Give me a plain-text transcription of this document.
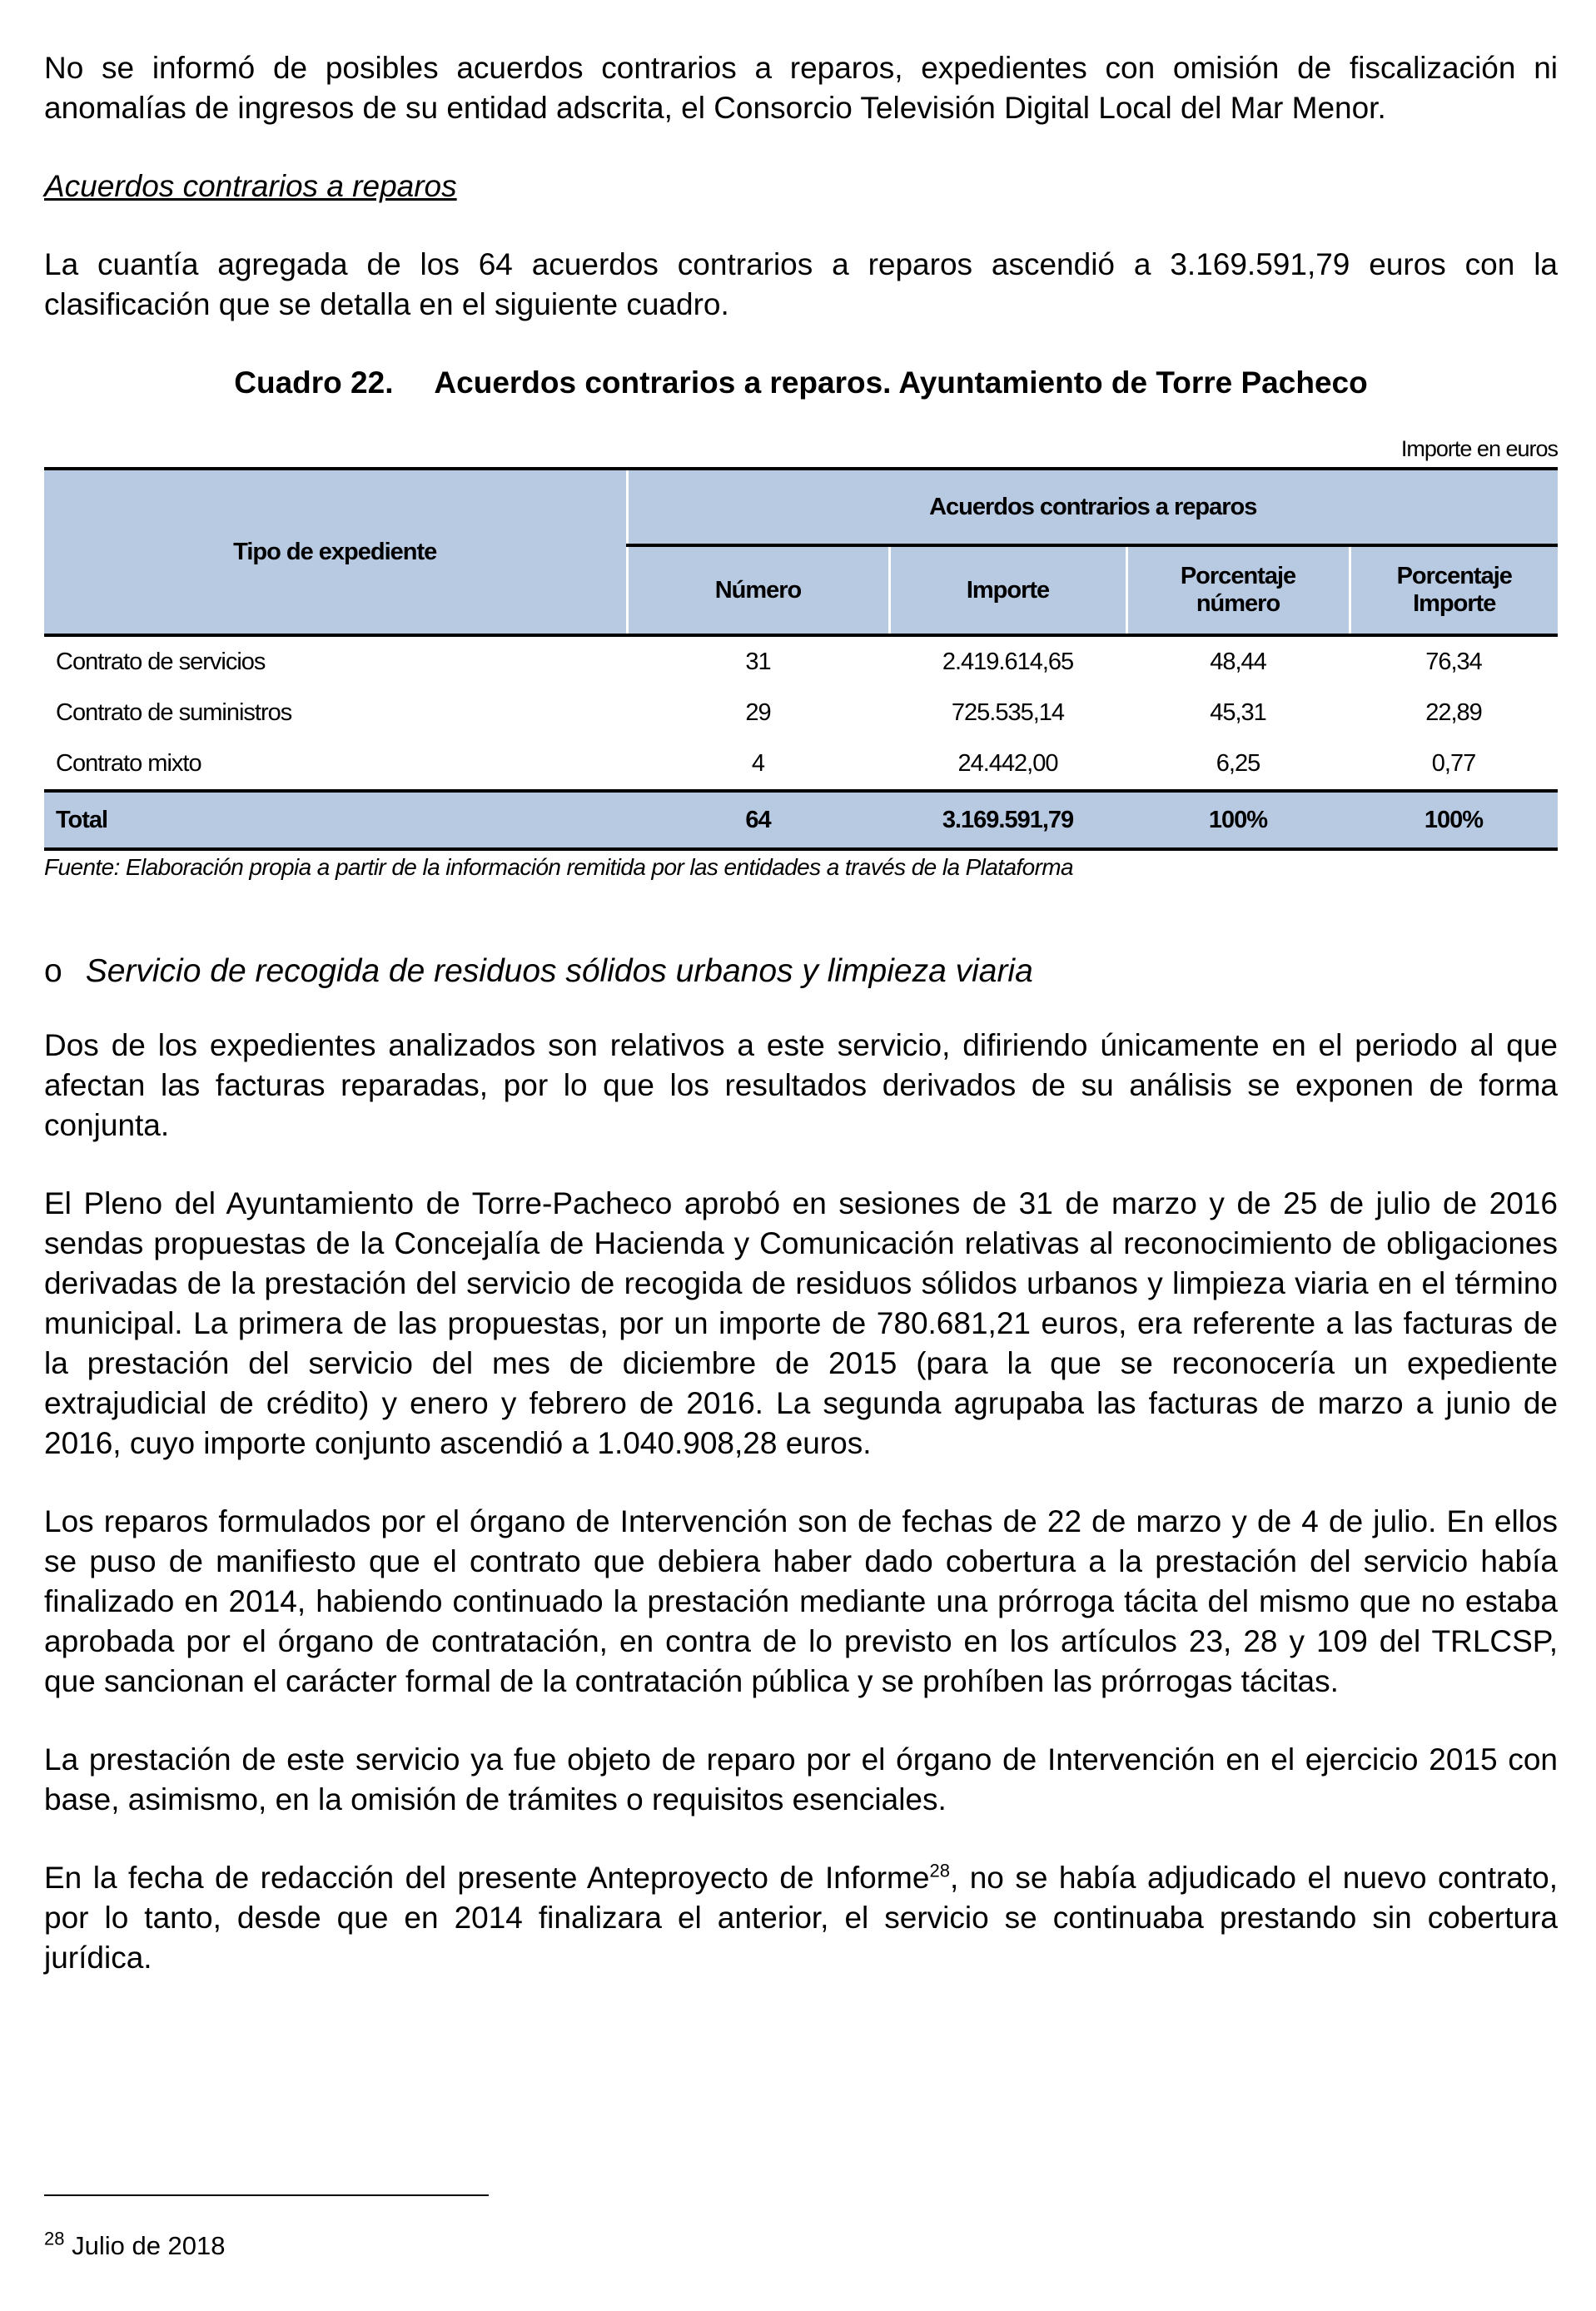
No se informó de posibles acuerdos contrarios a reparos, expedientes con omisión de fiscalización ni anomalías de ingresos de su entidad adscrita, el Consorcio Televisión Digital Local del Mar Menor.

Acuerdos contrarios a reparos

La cuantía agregada de los 64 acuerdos contrarios a reparos ascendió a 3.169.591,79 euros con la clasificación que se detalla en el siguiente cuadro.

Cuadro 22. Acuerdos contrarios a reparos. Ayuntamiento de Torre Pacheco
Importe en euros
Tipo de expediente	Acuerdos contrarios a reparos			
	Número	Importe	Porcentaje número	Porcentaje Importe
Contrato de servicios	31	2.419.614,65	48,44	76,34
Contrato de suministros	29	725.535,14	45,31	22,89
Contrato mixto	4	24.442,00	6,25	0,77
Total	64	3.169.591,79	100%	100%
Fuente: Elaboración propia a partir de la información remitida por las entidades a través de la Plataforma

o Servicio de recogida de residuos sólidos urbanos y limpieza viaria

Dos de los expedientes analizados son relativos a este servicio, difiriendo únicamente en el periodo al que afectan las facturas reparadas, por lo que los resultados derivados de su análisis se exponen de forma conjunta.

El Pleno del Ayuntamiento de Torre-Pacheco aprobó en sesiones de 31 de marzo y de 25 de julio de 2016 sendas propuestas de la Concejalía de Hacienda y Comunicación relativas al reconocimiento de obligaciones derivadas de la prestación del servicio de recogida de residuos sólidos urbanos y limpieza viaria en el término municipal. La primera de las propuestas, por un importe de 780.681,21 euros, era referente a las facturas de la prestación del servicio del mes de diciembre de 2015 (para la que se reconocería un expediente extrajudicial de crédito) y enero y febrero de 2016. La segunda agrupaba las facturas de marzo a junio de 2016, cuyo importe conjunto ascendió a 1.040.908,28 euros.

Los reparos formulados por el órgano de Intervención son de fechas de 22 de marzo y de 4 de julio. En ellos se puso de manifiesto que el contrato que debiera haber dado cobertura a la prestación del servicio había finalizado en 2014, habiendo continuado la prestación mediante una prórroga tácita del mismo que no estaba aprobada por el órgano de contratación, en contra de lo previsto en los artículos 23, 28 y 109 del TRLCSP, que sancionan el carácter formal de la contratación pública y se prohíben las prórrogas tácitas.

La prestación de este servicio ya fue objeto de reparo por el órgano de Intervención en el ejercicio 2015 con base, asimismo, en la omisión de trámites o requisitos esenciales.

En la fecha de redacción del presente Anteproyecto de Informe$^{28}$, no se había adjudicado el nuevo contrato, por lo tanto, desde que en 2014 finalizara el anterior, el servicio se continuaba prestando sin cobertura jurídica.

$^{28}$ Julio de 2018
